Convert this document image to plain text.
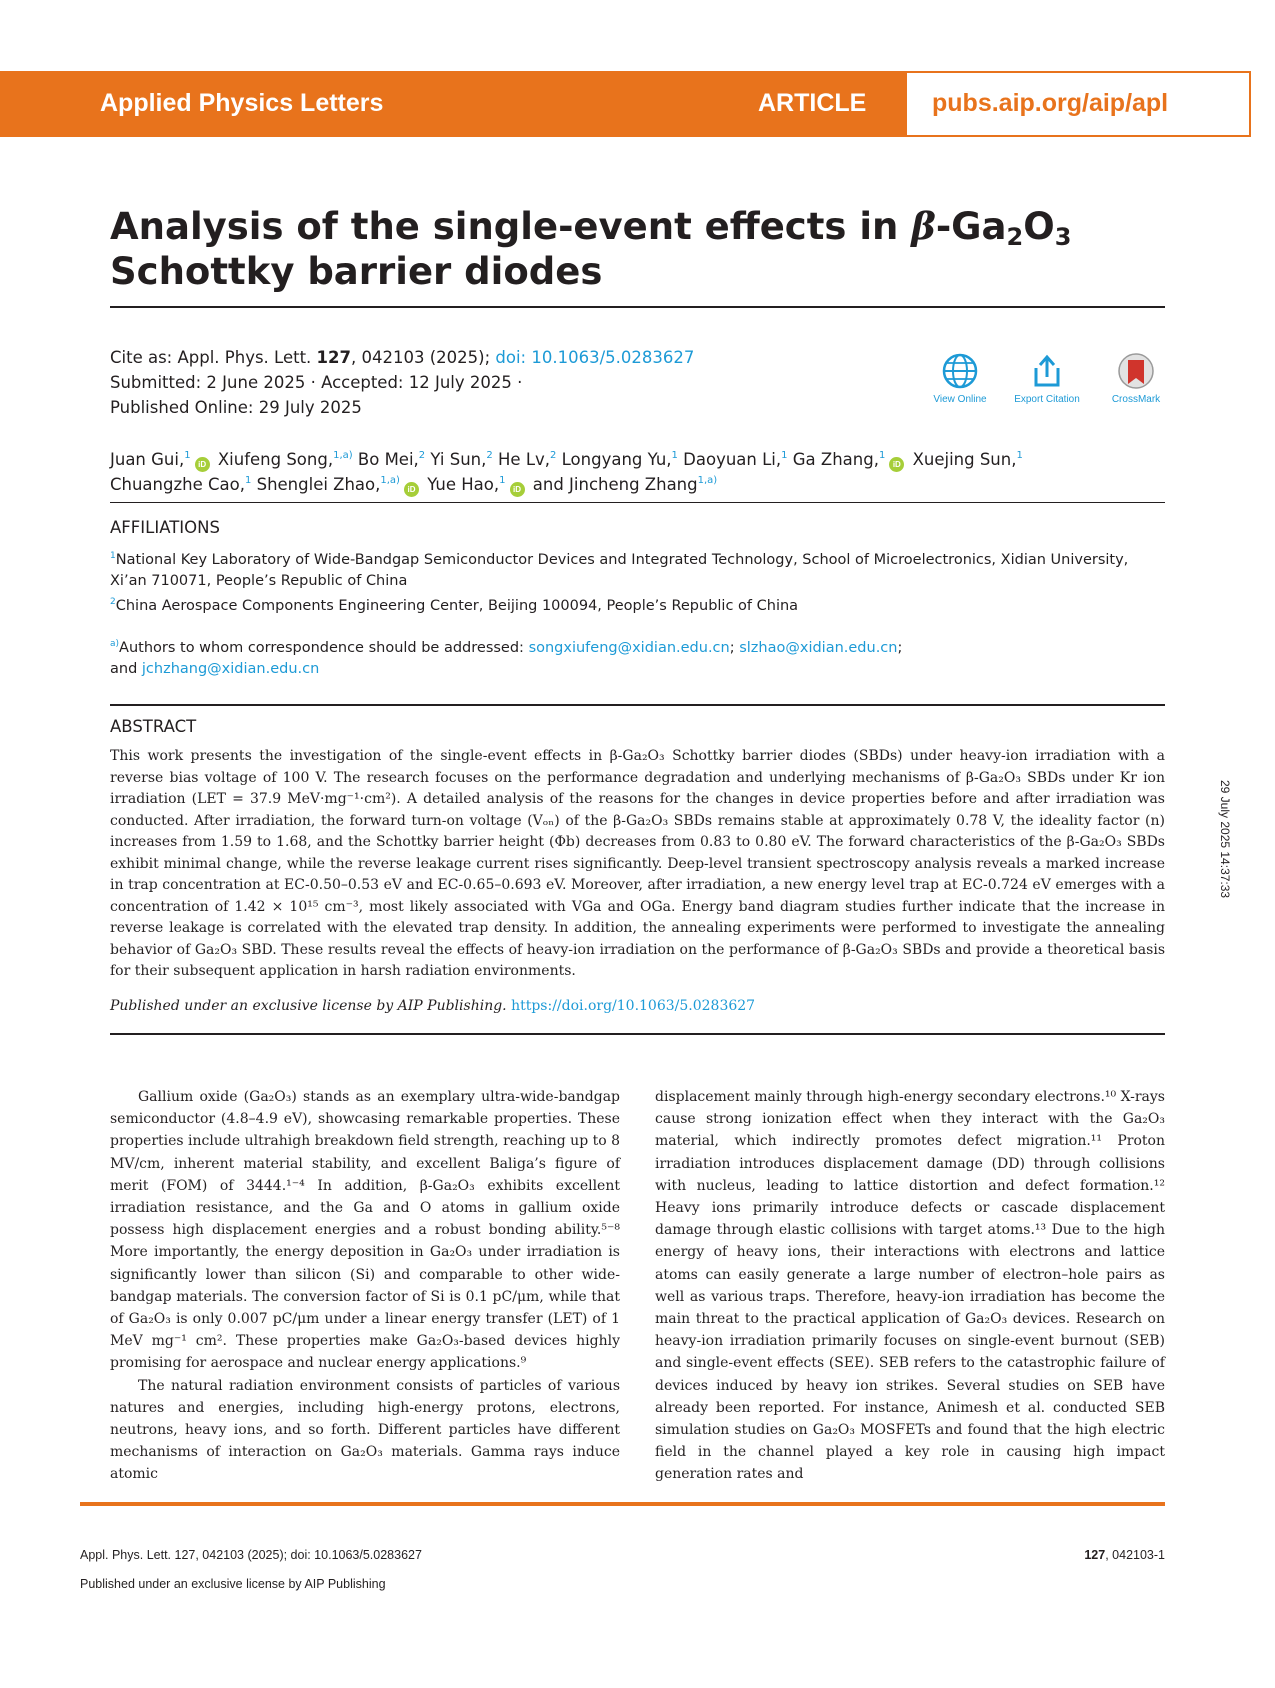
Applied Physics Letters	ARTICLE	pubs.aip.org/aip/apl
Analysis of the single-event effects in $\beta-Ga_2O_3$
Schottky barrier diodes
Cite as: Appl. Phys. Lett. 127, 042103 (2025); doi: 10.1063/5.0283627
Submitted: 2 June 2025 · Accepted: 12 July 2025 ·
Published Online: 29 July 2025	View Online	Export Citation	CrossMark
Juan Gui,$^1$iD Xiufeng Song,$^{1,a)}$ Bo Mei,$^2$ Yi Sun,$^2$ He Lv,$^2$ Longyang Yu,$^1$ Daoyuan Li,$^1$ Ga Zhang,$^1$iD Xuejing Sun,$^1$
Chuangzhe Cao,$^1$ Shenglei Zhao,$^{1,a)}$iD Yue Hao,$^1$iD and Jincheng Zhang$^{1,a)}$
AFFILIATIONS
$^1$National Key Laboratory of Wide-Bandgap Semiconductor Devices and Integrated Technology, School of Microelectronics, Xidian University, Xi’an 710071, People’s Republic of China
$^2$China Aerospace Components Engineering Center, Beijing 100094, People’s Republic of China
$^{a)}$Authors to whom correspondence should be addressed: songxiufeng@xidian.edu.cn; slzhao@xidian.edu.cn;
and jchzhang@xidian.edu.cn
ABSTRACT
This work presents the investigation of the single-event effects in β-Ga₂O₃ Schottky barrier diodes (SBDs) under heavy-ion irradiation with a reverse bias voltage of 100 V. The research focuses on the performance degradation and underlying mechanisms of β-Ga₂O₃ SBDs under Kr ion irradiation (LET = 37.9 MeV·mg⁻¹·cm²). A detailed analysis of the reasons for the changes in device properties before and after irradiation was conducted. After irradiation, the forward turn-on voltage (Vₒₙ) of the β-Ga₂O₃ SBDs remains stable at approximately 0.78 V, the ideality factor (n) increases from 1.59 to 1.68, and the Schottky barrier height (Φb) decreases from 0.83 to 0.80 eV. The forward characteristics of the β-Ga₂O₃ SBDs exhibit minimal change, while the reverse leakage current rises significantly. Deep-level transient spectroscopy analysis reveals a marked increase in trap concentration at EC-0.50–0.53 eV and EC-0.65–0.693 eV. Moreover, after irradiation, a new energy level trap at EC-0.724 eV emerges with a concentration of 1.42 × 10¹⁵ cm⁻³, most likely associated with VGa and OGa. Energy band diagram studies further indicate that the increase in reverse leakage is correlated with the elevated trap density. In addition, the annealing experiments were performed to investigate the annealing behavior of Ga₂O₃ SBD. These results reveal the effects of heavy-ion irradiation on the performance of β-Ga₂O₃ SBDs and provide a theoretical basis for their subsequent application in harsh radiation environments.
Published under an exclusive license by AIP Publishing. https://doi.org/10.1063/5.0283627

Gallium oxide (Ga₂O₃) stands as an exemplary ultra-wide-bandgap semiconductor (4.8–4.9 eV), showcasing remarkable properties. These properties include ultrahigh breakdown field strength, reaching up to 8 MV/cm, inherent material stability, and excellent Baliga’s figure of merit (FOM) of 3444.¹⁻⁴ In addition, β-Ga₂O₃ exhibits excellent irradiation resistance, and the Ga and O atoms in gallium oxide possess high displacement energies and a robust bonding ability.⁵⁻⁸ More importantly, the energy deposition in Ga₂O₃ under irradiation is significantly lower than silicon (Si) and comparable to other wide-bandgap materials. The conversion factor of Si is 0.1 pC/μm, while that of Ga₂O₃ is only 0.007 pC/μm under a linear energy transfer (LET) of 1 MeV mg⁻¹ cm². These properties make Ga₂O₃-based devices highly promising for aerospace and nuclear energy applications.⁹

The natural radiation environment consists of particles of various natures and energies, including high-energy protons, electrons, neutrons, heavy ions, and so forth. Different particles have different mechanisms of interaction on Ga₂O₃ materials. Gamma rays induce atomic

displacement mainly through high-energy secondary electrons.¹⁰ X-rays cause strong ionization effect when they interact with the Ga₂O₃ material, which indirectly promotes defect migration.¹¹ Proton irradiation introduces displacement damage (DD) through collisions with nucleus, leading to lattice distortion and defect formation.¹² Heavy ions primarily introduce defects or cascade displacement damage through elastic collisions with target atoms.¹³ Due to the high energy of heavy ions, their interactions with electrons and lattice atoms can easily generate a large number of electron–hole pairs as well as various traps. Therefore, heavy-ion irradiation has become the main threat to the practical application of Ga₂O₃ devices. Research on heavy-ion irradiation primarily focuses on single-event burnout (SEB) and single-event effects (SEE). SEB refers to the catastrophic failure of devices induced by heavy ion strikes. Several studies on SEB have already been reported. For instance, Animesh et al. conducted SEB simulation studies on Ga₂O₃ MOSFETs and found that the high electric field in the channel played a key role in causing high impact generation rates and

Appl. Phys. Lett. 127, 042103 (2025); doi: 10.1063/5.0283627
Published under an exclusive license by AIP Publishing
127, 042103-1
29 July 2025 14:37:33
